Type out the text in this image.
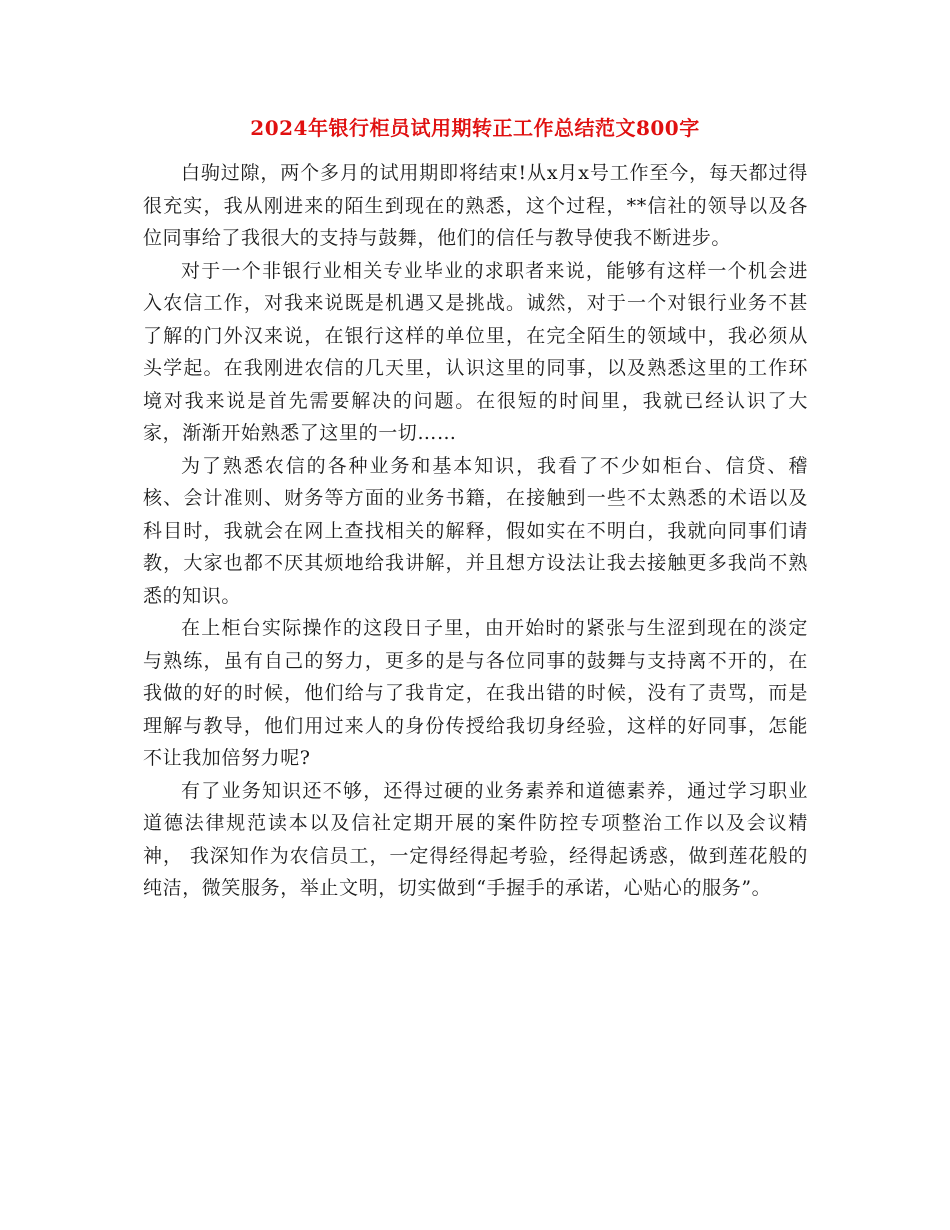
2024年银行柜员试用期转正工作总结范文800字

白驹过隙，两个多月的试用期即将结束!从x月x号工作至今，每天都过得很充实，我从刚进来的陌生到现在的熟悉，这个过程，**信社的领导以及各位同事给了我很大的支持与鼓舞，他们的信任与教导使我不断进步。

对于一个非银行业相关专业毕业的求职者来说，能够有这样一个机会进入农信工作，对我来说既是机遇又是挑战。诚然，对于一个对银行业务不甚了解的门外汉来说，在银行这样的单位里，在完全陌生的领域中，我必须从头学起。在我刚进农信的几天里，认识这里的同事，以及熟悉这里的工作环境对我来说是首先需要解决的问题。在很短的时间里，我就已经认识了大家，渐渐开始熟悉了这里的一切……

为了熟悉农信的各种业务和基本知识，我看了不少如柜台、信贷、稽核、会计准则、财务等方面的业务书籍，在接触到一些不太熟悉的术语以及科目时，我就会在网上查找相关的解释，假如实在不明白，我就向同事们请教，大家也都不厌其烦地给我讲解，并且想方设法让我去接触更多我尚不熟悉的知识。

在上柜台实际操作的这段日子里，由开始时的紧张与生涩到现在的淡定与熟练，虽有自己的努力，更多的是与各位同事的鼓舞与支持离不开的，在我做的好的时候，他们给与了我肯定，在我出错的时候，没有了责骂，而是理解与教导，他们用过来人的身份传授给我切身经验，这样的好同事，怎能不让我加倍努力呢?

有了业务知识还不够，还得过硬的业务素养和道德素养，通过学习职业道德法律规范读本以及信社定期开展的案件防控专项整治工作以及会议精神， 我深知作为农信员工，一定得经得起考验，经得起诱惑，做到莲花般的纯洁，微笑服务，举止文明，切实做到“手握手的承诺，心贴心的服务”。
